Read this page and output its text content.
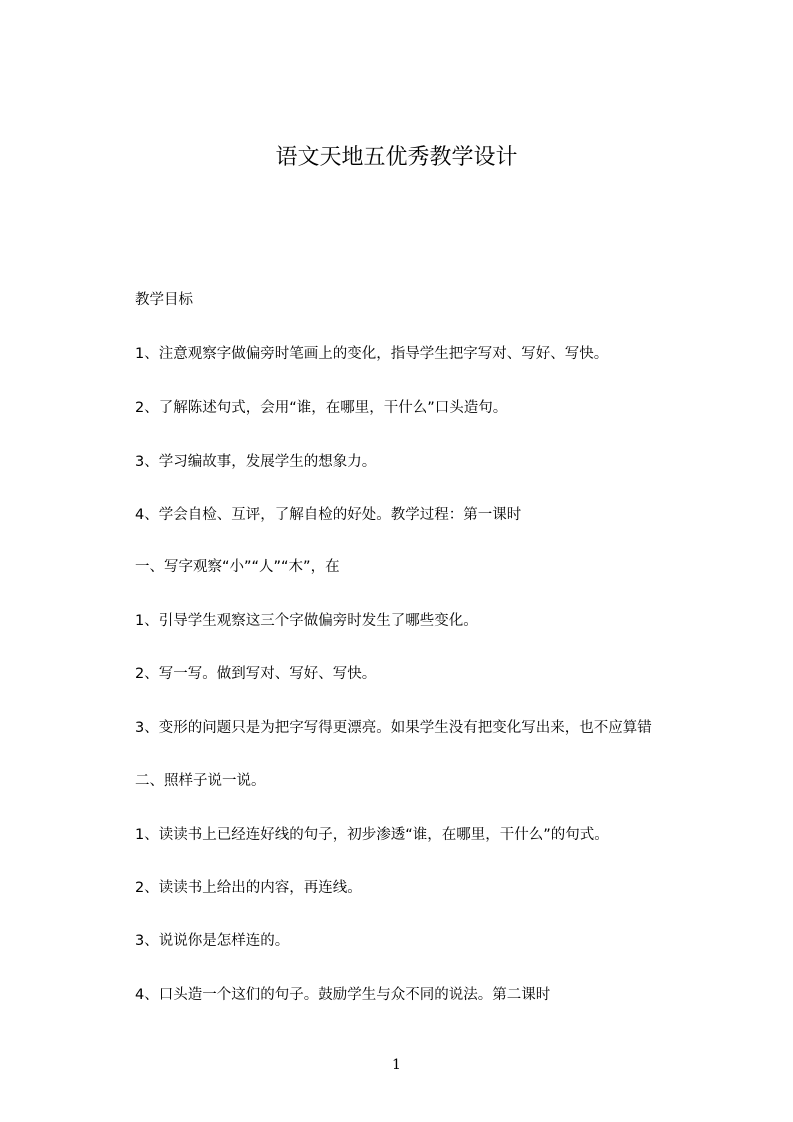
语文天地五优秀教学设计
教学目标
1、注意观察字做偏旁时笔画上的变化，指导学生把字写对、写好、写快。
2、了解陈述句式，会用“谁，在哪里，干什么”口头造句。
3、学习编故事，发展学生的想象力。
4、学会自检、互评，了解自检的好处。教学过程：第一课时
一、写字观察“小”“人”“木”，在
1、引导学生观察这三个字做偏旁时发生了哪些变化。
2、写一写。做到写对、写好、写快。
3、变形的问题只是为把字写得更漂亮。如果学生没有把变化写出来，也不应算错
二、照样子说一说。
1、读读书上已经连好线的句子，初步渗透“谁，在哪里，干什么”的句式。
2、读读书上给出的内容，再连线。
3、说说你是怎样连的。
4、口头造一个这们的句子。鼓励学生与众不同的说法。第二课时
1
